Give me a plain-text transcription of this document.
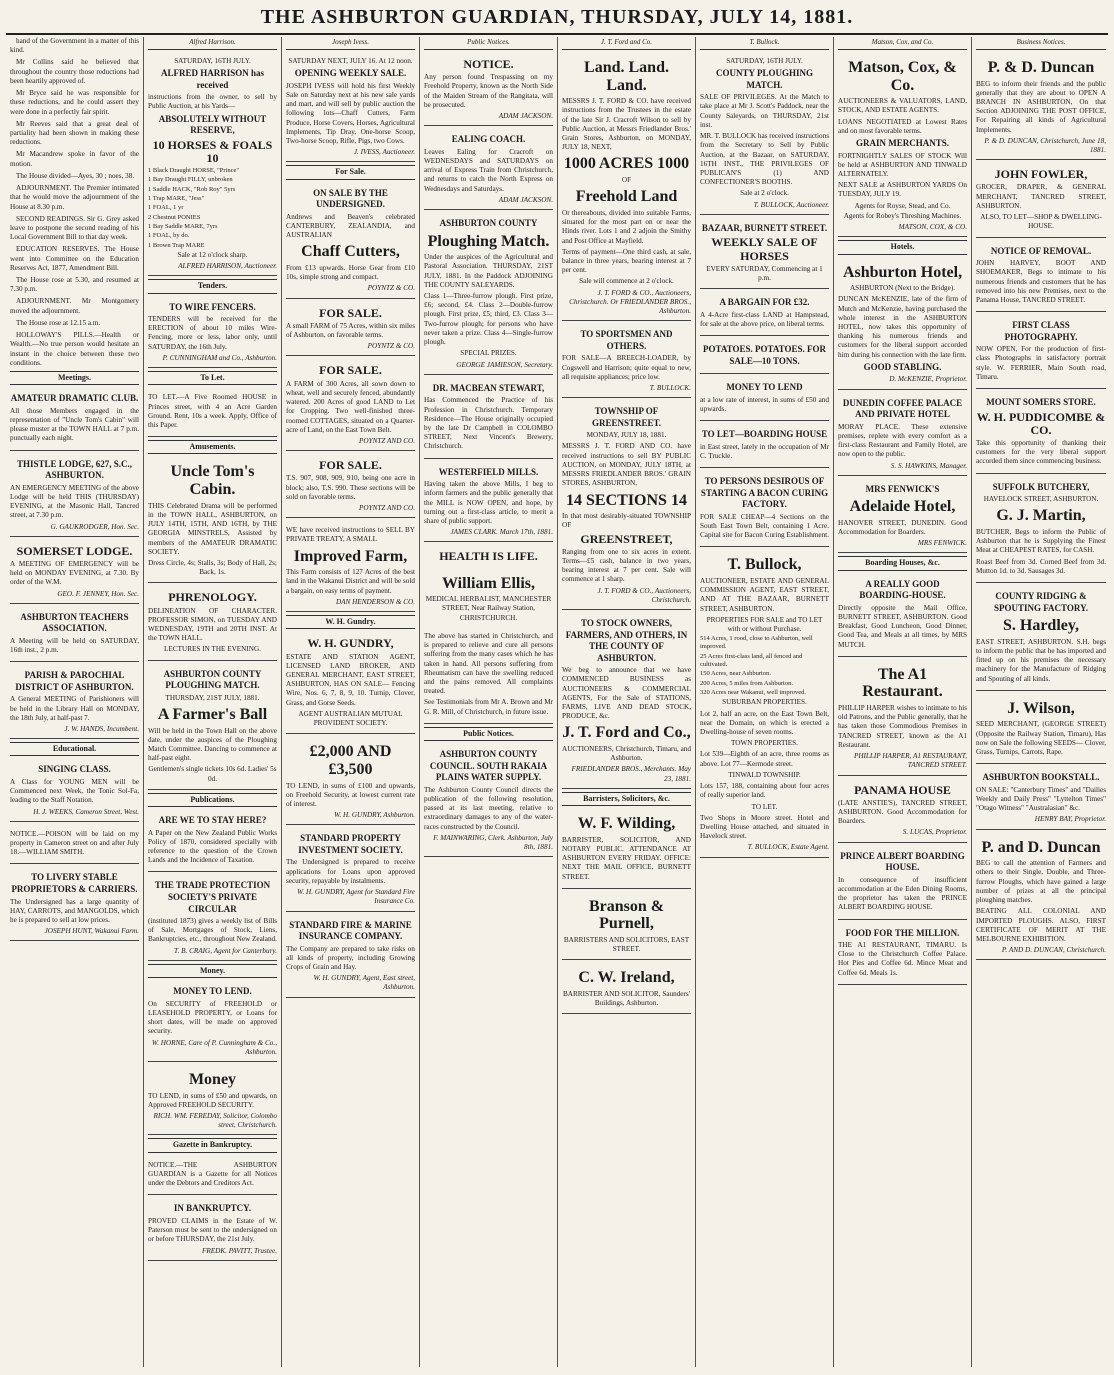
THE ASHBURTON GUARDIAN, THURSDAY, JULY 14, 1881.

hand of the Government in a matter of this kind.

Mr Collins said he believed that throughout the country those reductions had been heartily approved of.

Mr Bryce said he was responsible for these reductions, and he could assert they were done in a perfectly fair spirit.

Mr Reeves said that a great deal of partiality had been shown in making these reductions.

Mr Macandrew spoke in favor of the motion.

The House divided—Ayes, 30 ; noes, 38.

ADJOURNMENT. The Premier intimated that he would move the adjournment of the House at 8.30 p.m.

SECOND READINGS. Sir G. Grey asked leave to postpone the second reading of his Local Government Bill to that day week.

EDUCATION RESERVES. The House went into Committee on the Education Reserves Act, 1877, Amendment Bill.

The House rose at 5.30, and resumed at 7.30 p.m.

ADJOURNMENT. Mr Montgomery moved the adjournment.

The House rose at 12.15 a.m.

HOLLOWAY'S PILLS.—Health or Wealth.—No true person would hesitate an instant in the choice between these two conditions.

Meetings.
AMATEUR DRAMATIC CLUB.
All those Members engaged in the representation of "Uncle Tom's Cabin" will please muster at the TOWN HALL at 7 p.m. punctually each night.
THISTLE LODGE, 627, S.C., ASHBURTON.
AN EMERGENCY MEETING of the above Lodge will be held THIS (THURSDAY) EVENING, at the Masonic Hall, Tancred street, at 7.30 p.m.
G. GAUKRODGER, Hon. Sec.
SOMERSET LODGE.
A MEETING OF EMERGENCY will be held on MONDAY EVENING, at 7.30. By order of the W.M.
GEO. F. JENNEY, Hon. Sec.
ASHBURTON TEACHERS ASSOCIATION.
A Meeting will be held on SATURDAY, 16th inst., 2 p.m.
PARISH & PAROCHIAL DISTRICT OF ASHBURTON.
A General MEETING of Parishioners will be held in the Library Hall on MONDAY, the 18th July, at half-past 7.
J. W. HANDS, Incumbent.
Educational.
SINGING CLASS.
A Class for YOUNG MEN will be Commenced next Week, the Tonic Sol-Fa, leading to the Staff Notation.
H. J. WEEKS, Cameron Street, West.
NOTICE.—POISON will be laid on my property in Cameron street on and after July 18.—WILLIAM SMITH.
TO LIVERY STABLE PROPRIETORS & CARRIERS.
The Undersigned has a large quantity of HAY, CARROTS, and MANGOLDS, which he is prepared to sell at low prices.
JOSEPH HUNT, Wakanui Farm.
Alfred Harrison.
SATURDAY, 16TH JULY.
ALFRED HARRISON has received
instructions from the owner, to sell by Public Auction, at his Yards—
ABSOLUTELY WITHOUT RESERVE,
10 HORSES & FOALS 10
1 Black Draught HORSE, "Prince"
1 Bay Draught FILLY, unbroken
1 Saddle HACK, "Rob Roy" 5yrs
1 Trap MARE, "Jess"
1 FOAL, 1 yr
2 Chestnut PONIES
1 Bay Saddle MARE, 7yrs
1 FOAL, by do.
1 Brown Trap MARE
Sale at 12 o'clock sharp.
ALFRED HARRISON, Auctioneer.
Tenders.
TO WIRE FENCERS.
TENDERS will be received for the ERECTION of about 10 miles Wire-Fencing, more or less, labor only, until SATURDAY, the 16th July.
P. CUNNINGHAM and Co., Ashburton.
To Let.
TO LET.—A Five Roomed HOUSE in Princes street, with 4 an Acre Garden Ground. Rent, 10s a week. Apply, Office of this Paper.
Amusements.
Uncle Tom's Cabin.
THIS Celebrated Drama will be performed in the TOWN HALL, ASHBURTON, on JULY 14TH, 15TH, AND 16TH, by THE GEORGIA MINSTRELS, Assisted by members of the AMATEUR DRAMATIC SOCIETY.
Dress Circle, 4s; Stalls, 3s; Body of Hall, 2s; Back, 1s.
PHRENOLOGY.
DELINEATION OF CHARACTER. PROFESSOR SIMON, on TUESDAY AND WEDNESDAY, 19TH and 20TH INST. At the TOWN HALL.
LECTURES IN THE EVENING.
ASHBURTON COUNTY PLOUGHING MATCH.
THURSDAY, 21ST JULY, 1881.
A Farmer's Ball
Will be held in the Town Hall on the above date, under the auspices of the Ploughing Match Committee. Dancing to commence at half-past eight.
Gentlemen's single tickets 10s 6d. Ladies' 5s 0d.
Publications.
ARE WE TO STAY HERE?
A Paper on the New Zealand Public Works Policy of 1870, considered specially with reference to the question of the Crown Lands and the Incidence of Taxation.
THE TRADE PROTECTION SOCIETY'S PRIVATE CIRCULAR
(instituted 1873) gives a weekly list of Bills of Sale, Mortgages of Stock, Liens, Bankruptcies, etc., throughout New Zealand.
T. B. CRAIG, Agent for Canterbury.
Money.
MONEY TO LEND.
On SECURITY of FREEHOLD or LEASEHOLD PROPERTY, or Loans for short dates, will be made on approved security.
W. HORNE, Care of P. Cunningham & Co., Ashburton.
Money
TO LEND, in sums of £50 and upwards, on Approved FREEHOLD SECURITY.
RICH. WM. FEREDAY, Solicitor, Colombo street, Christchurch.
Gazette in Bankruptcy.
NOTICE.—THE ASHBURTON GUARDIAN is a Gazette for all Notices under the Debtors and Creditors Act.
IN BANKRUPTCY.
PROVED CLAIMS in the Estate of W. Paterson must be sent to the undersigned on or before THURSDAY, the 21st July.
FREDK. PAVITT, Trustee.
Joseph Ivess.
SATURDAY NEXT, JULY 16. At 12 noon.
OPENING WEEKLY SALE.
JOSEPH IVESS will hold his first Weekly Sale on Saturday next at his new sale yards and mart, and will sell by public auction the following lots—Chaff Cutters, Farm Produce, Horse Covers, Horses, Agricultural Implements, Tip Dray, One-horse Scoop, Two-horse Scoop, Rifle, Pigs, two Cows.
J. IVESS, Auctioneer.
For Sale.
ON SALE BY THE UNDERSIGNED.
Andrews and Beaven's celebrated CANTERBURY, ZEALANDIA, and AUSTRALIAN
Chaff Cutters,
From £13 upwards. Horse Gear from £10 10s, simple strong and compact.
POYNTZ & CO.
FOR SALE.
A small FARM of 75 Acres, within six miles of Ashburton, on favorable terms.
POYNTZ & CO.
FOR SALE.
A FARM of 300 Acres, all sown down to wheat, well and securely fenced, abundantly watered. 200 Acres of good LAND to Let for Cropping. Two well-finished three-roomed COTTAGES, situated on a Quarter-acre of Land, on the East Town Belt.
POYNTZ AND CO.
FOR SALE.
T.S. 907, 908, 909, 910, being one acre in block; also, T.S. 990. These sections will be sold on favorable terms.
POYNTZ AND CO.
WE have received instructions to SELL BY PRIVATE TREATY, A SMALL
Improved Farm,
This Farm consists of 127 Acres of the best land in the Wakanui District and will be sold a bargain, on easy terms of payment.
DAN HENDERSON & CO.
W. H. Gundry.
W. H. GUNDRY,
ESTATE AND STATION AGENT, LICENSED LAND BROKER, AND GENERAL MERCHANT, EAST STREET, ASHBURTON, HAS ON SALE— Fencing Wire, Nos. 6, 7, 8, 9, 10. Turnip, Clover, Grass, and Gorse Seeds.
AGENT AUSTRALIAN MUTUAL PROVIDENT SOCIETY.
£2,000 AND £3,500
TO LEND, in sums of £100 and upwards, on Freehold Security, at lowest current rate of interest.
W. H. GUNDRY, Ashburton.
STANDARD PROPERTY INVESTMENT SOCIETY.
The Undersigned is prepared to receive applications for Loans upon approved security, repayable by instalments.
W. H. GUNDRY, Agent for Standard Fire Insurance Co.
STANDARD FIRE & MARINE INSURANCE COMPANY.
The Company are prepared to take risks on all kinds of property, including Growing Crops of Grain and Hay.
W. H. GUNDRY, Agent, East street, Ashburton.
Public Notices.
NOTICE.
Any person found Trespassing on my Freehold Property, known as the North Side of the Maiden Stream of the Rangitata, will be prosecuted.
ADAM JACKSON.
EALING COACH.
Leaves Ealing for Cracroft on WEDNESDAYS and SATURDAYS on arrival of Express Train from Christchurch, and returns to catch the North Express on Wednesdays and Saturdays.
ADAM JACKSON.
ASHBURTON COUNTY
Ploughing Match.
Under the auspices of the Agricultural and Pastoral Association. THURSDAY, 21ST JULY, 1881. In the Paddock ADJOINING THE COUNTY SALEYARDS.
Class 1—Three-furrow plough. First prize, £6; second, £4. Class 2—Double-furrow plough. First prize, £5; third, £3. Class 3—Two-furrow plough; for persons who have never taken a prize. Class 4—Single-furrow plough.
SPECIAL PRIZES.
GEORGE JAMIESON, Secretary.
DR. MACBEAN STEWART,
Has Commenced the Practice of his Profession in Christchurch. Temporary Residence—The House originally occupied by the late Dr Campbell in COLOMBO STREET, Next Vincent's Brewery, Christchurch.
WESTERFIELD MILLS.
Having taken the above Mills, I beg to inform farmers and the public generally that the MILL is NOW OPEN, and hope, by turning out a first-class article, to merit a share of public support.
JAMES CLARK. March 17th, 1881.
HEALTH IS LIFE.
William Ellis,
MEDICAL HERBALIST, MANCHESTER STREET, Near Railway Station, CHRISTCHURCH.
The above has started in Christchurch, and is prepared to relieve and cure all persons suffering from the many cases which he has taken in hand. All persons suffering from Rheumatism can have the swelling reduced and the pains removed. All complaints treated.
See Testimonials from Mr A. Brown and Mr G. R. Mill, of Christchurch, in future issue.
Public Notices.
ASHBURTON COUNTY COUNCIL. SOUTH RAKAIA PLAINS WATER SUPPLY.
The Ashburton County Council directs the publication of the following resolution, passed at its last meeting, relative to extraordinary damages to any of the water-races constructed by the Council.
F. MAINWARING, Clerk. Ashburton, July 8th, 1881.
J. T. Ford and Co.
Land. Land. Land.
MESSRS J. T. FORD & CO. have received instructions from the Trustees in the estate of the late Sir J. Cracroft Wilson to sell by Public Auction, at Messrs Friedlander Bros.' Grain Stores, Ashburton, on MONDAY, JULY 18, NEXT,
1000 ACRES 1000
OF
Freehold Land
Or thereabouts, divided into suitable Farms, situated for the most part on or near the Hinds river. Lots 1 and 2 adjoin the Smithy and Post Office at Mayfield.
Terms of payment—One third cash, at sale, balance in three years, bearing interest at 7 per cent.
Sale will commence at 2 o'clock.
J. T. FORD & CO., Auctioneers, Christchurch. Or FRIEDLANDER BROS., Ashburton.
TO SPORTSMEN AND OTHERS.
FOR SALE—A BREECH-LOADER, by Cogswell and Harrison; quite equal to new, all requisite appliances; price low.
T. BULLOCK.
TOWNSHIP OF GREENSTREET.
MONDAY, JULY 18, 1881.
MESSRS J. T. FORD AND CO. have received instructions to sell BY PUBLIC AUCTION, on MONDAY, JULY 18TH, at MESSRS FRIEDLANDER BROS.' GRAIN STORES, ASHBURTON,
14 SECTIONS 14
In that most desirably-situated TOWNSHIP OF
GREENSTREET,
Ranging from one to six acres in extent. Terms—£5 cash, balance in two years, bearing interest at 7 per cent. Sale will commence at 1 sharp.
J. T. FORD & CO., Auctioneers, Christchurch.
TO STOCK OWNERS, FARMERS, AND OTHERS, IN THE COUNTY OF ASHBURTON.
We beg to announce that we have COMMENCED BUSINESS as AUCTIONEERS & COMMERCIAL AGENTS, For the Sale of STATIONS, FARMS, LIVE AND DEAD STOCK, PRODUCE, &c.
J. T. Ford and Co.,
AUCTIONEERS, Christchurch, Timaru, and Ashburton.
FRIEDLANDER BROS., Merchants. May 23, 1881.
Barristers, Solicitors, &c.
W. F. Wilding,
BARRISTER, SOLICITOR, AND NOTARY PUBLIC. ATTENDANCE AT ASHBURTON EVERY FRIDAY. OFFICE: NEXT THE MAIL OFFICE, BURNETT STREET.
Branson & Purnell,
BARRISTERS AND SOLICITORS, EAST STREET.
C. W. Ireland,
BARRISTER AND SOLICITOR, Saunders' Buildings, Ashburton.
T. Bullock.
SATURDAY, 16TH JULY.
COUNTY PLOUGHING MATCH.
SALE OF PRIVILEGES. At the Match to take place at Mr J. Scott's Paddock, near the County Saleyards, on THURSDAY, 21st inst.
MR. T. BULLOCK has received instructions from the Secretary to Sell by Public Auction, at the Bazaar, on SATURDAY, 16TH INST., THE PRIVILEGES OF PUBLICAN'S (1) AND CONFECTIONER'S BOOTHS.
Sale at 2 o'clock.
T. BULLOCK, Auctioneer.
BAZAAR, BURNETT STREET.
WEEKLY SALE OF HORSES
EVERY SATURDAY, Commencing at 1 p.m.
A BARGAIN FOR £32.
A 4-Acre first-class LAND at Hampstead, for sale at the above price, on liberal terms.
POTATOES. POTATOES. FOR SALE—10 TONS.
MONEY TO LEND
at a low rate of interest, in sums of £50 and upwards.
TO LET—BOARDING HOUSE
in East street, lately in the occupation of Mr C. Truckle.
TO PERSONS DESIROUS OF STARTING A BACON CURING FACTORY.
FOR SALE CHEAP—4 Sections on the South East Town Belt, containing 1 Acre. Capital site for Bacon Curing Establishment.
T. Bullock,
AUCTIONEER, ESTATE AND GENERAL COMMISSION AGENT, EAST STREET, AND AT THE BAZAAR, BURNETT STREET, ASHBURTON.
PROPERTIES FOR SALE and TO LET with or without Purchase.
514 Acres, 1 rood, close to Ashburton, well improved.
25 Acres first-class land, all fenced and cultivated.
150 Acres, near Ashburton.
200 Acres, 5 miles from Ashburton.
320 Acres near Wakanui, well improved.
SUBURBAN PROPERTIES.
Lot 2, half an acre, on the East Town Belt, near the Domain, on which is erected a Dwelling-house of seven rooms.
TOWN PROPERTIES.
Lot 539—Eighth of an acre, three rooms as above. Lot 77—Kermode street.
TINWALD TOWNSHIP.
Lots 157, 188, containing about four acres of really superior land.
TO LET.
Two Shops in Moore street. Hotel and Dwelling House attached, and situated in Havelock street.
T. BULLOCK, Estate Agent.
Matson, Cox, and Co.
Matson, Cox, & Co.
AUCTIONEERS & VALUATORS, LAND, STOCK, AND ESTATE AGENTS.
LOANS NEGOTIATED at Lowest Rates and on most favorable terms.
GRAIN MERCHANTS.
FORTNIGHTLY SALES OF STOCK Will be held at ASHBURTON AND TINWALD ALTERNATELY.
NEXT SALE at ASHBURTON YARDS On TUESDAY, JULY 19.
Agents for Royse, Stead, and Co.
Agents for Robey's Threshing Machines.
MATSON, COX, & CO.
Hotels.
Ashburton Hotel,
ASHBURTON (Next to the Bridge).
DUNCAN McKENZIE, late of the firm of Mutch and McKenzie, having purchased the whole interest in the ASHBURTON HOTEL, now takes this opportunity of thanking his numerous friends and customers for the liberal support accorded him during his connection with the late firm.
GOOD STABLING.
D. McKENZIE, Proprietor.
DUNEDIN COFFEE PALACE AND PRIVATE HOTEL
MORAY PLACE. These extensive premises, replete with every comfort as a first-class Restaurant and Family Hotel, are now open to the public.
S. S. HAWKINS, Manager.
MRS FENWICK'S
Adelaide Hotel,
HANOVER STREET, DUNEDIN. Good Accommodation for Boarders.
MRS FENWICK.
Boarding Houses, &c.
A REALLY GOOD BOARDING-HOUSE.
Directly opposite the Mail Office, BURNETT STREET, ASHBURTON. Good Breakfast, Good Luncheon, Good Dinner, Good Tea, and Meals at all times, by MRS MUTCH.
The A1 Restaurant.
PHILLIP HARPER wishes to intimate to his old Patrons, and the Public generally, that he has taken those Commodious Premises in TANCRED STREET, known as the A1 Restaurant.
PHILLIP HARPER, A1 RESTAURANT, TANCRED STREET.
PANAMA HOUSE
(LATE ANSTIE'S), TANCRED STREET, ASHBURTON. Good Accommodation for Boarders.
S. LUCAS, Proprietor.
PRINCE ALBERT BOARDING HOUSE.
In consequence of insufficient accommodation at the Eden Dining Rooms, the proprietor has taken the PRINCE ALBERT BOARDING HOUSE.
FOOD FOR THE MILLION.
THE A1 RESTAURANT, TIMARU. Is Close to the Christchurch Coffee Palace. Hot Pies and Coffee 6d. Mince Meat and Coffee 6d. Meals 1s.
Business Notices.
P. & D. Duncan
BEG to inform their friends and the public generally that they are about to OPEN A BRANCH IN ASHBURTON, On that Section ADJOINING THE POST OFFICE, For Repairing all kinds of Agricultural Implements.
P. & D. DUNCAN, Christchurch, June 18, 1881.
JOHN FOWLER,
GROCER, DRAPER, & GENERAL MERCHANT, TANCRED STREET, ASHBURTON.
ALSO, TO LET—SHOP & DWELLING-HOUSE.
NOTICE OF REMOVAL.
JOHN HARVEY, BOOT AND SHOEMAKER, Begs to intimate to his numerous friends and customers that he has removed into his new Premises, next to the Panama House, TANCRED STREET.
FIRST CLASS PHOTOGRAPHY.
NOW OPEN, For the production of first-class Photographs in satisfactory portrait style. W. FERRIER, Main South road, Timaru.
MOUNT SOMERS STORE.
W. H. PUDDICOMBE & CO.
Take this opportunity of thanking their customers for the very liberal support accorded them since commencing business.
SUFFOLK BUTCHERY,
HAVELOCK STREET, ASHBURTON.
G. J. Martin,
BUTCHER, Begs to inform the Public of Ashburton that he is Supplying the Finest Meat at CHEAPEST RATES, for CASH.
Roast Beef from 3d. Corned Beef from 3d. Mutton 1d. to 3d. Sausages 3d.
COUNTY RIDGING & SPOUTING FACTORY.
S. Hardley,
EAST STREET, ASHBURTON. S.H. begs to inform the public that he has imported and fitted up on his premises the necessary machinery for the Manufacture of Ridging and Spouting of all kinds.
J. Wilson,
SEED MERCHANT, (GEORGE STREET) (Opposite the Railway Station, Timaru), Has now on Sale the following SEEDS— Clover, Grass, Turnips, Carrots, Rape.
ASHBURTON BOOKSTALL.
ON SALE: "Canterbury Times" and "Dailies Weekly and Daily Press" "Lyttelton Times" "Otago Witness" "Australasian" &c.
HENRY BAY, Proprietor.
P. and D. Duncan
BEG to call the attention of Farmers and others to their Single, Double, and Three-furrow Ploughs, which have gained a large number of prizes at all the principal ploughing matches.
BEATING ALL COLONIAL AND IMPORTED PLOUGHS. ALSO, FIRST CERTIFICATE OF MERIT AT THE MELBOURNE EXHIBITION.
P. AND D. DUNCAN, Christchurch.
